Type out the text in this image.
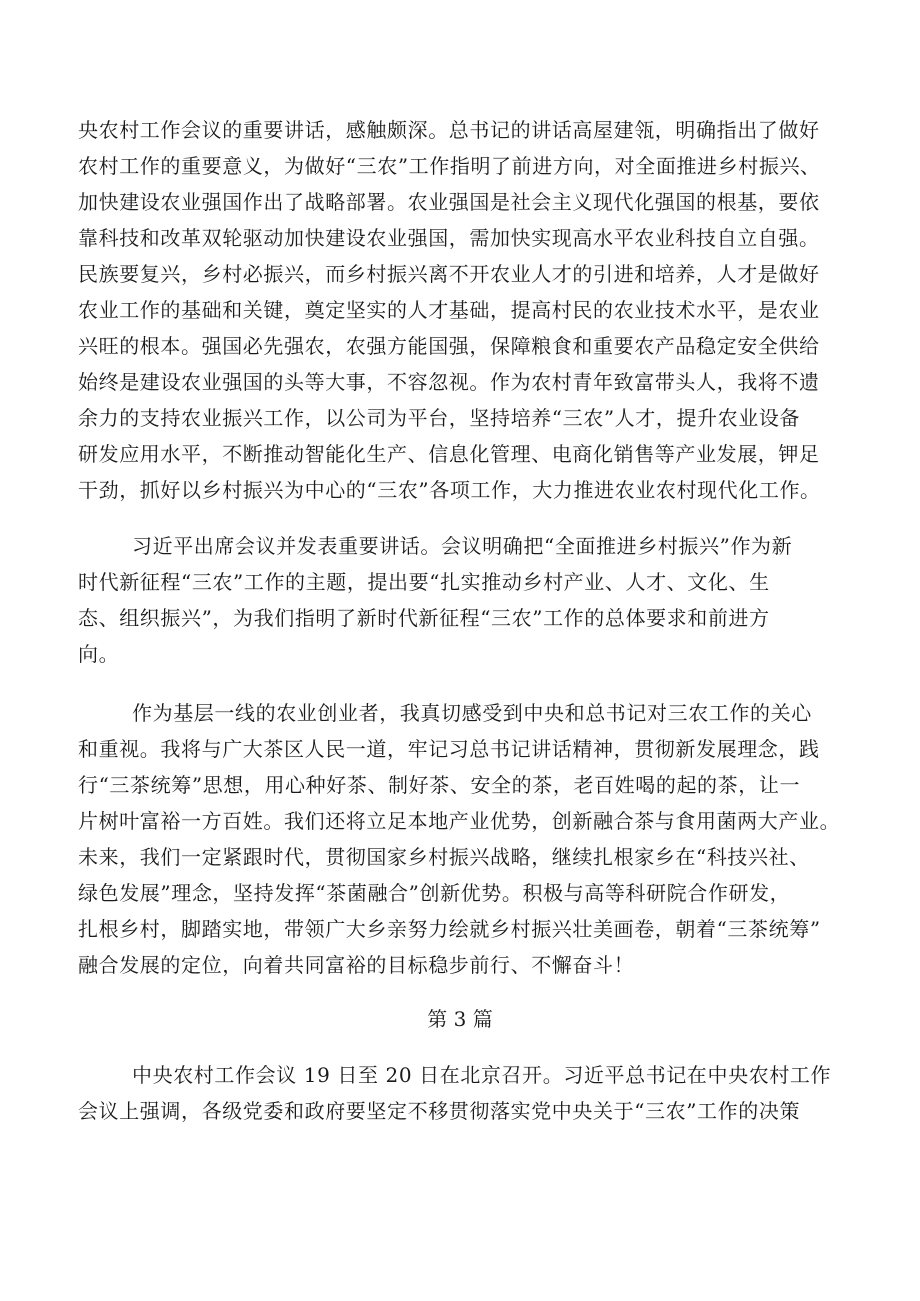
央农村工作会议的重要讲话，感触颇深。总书记的讲话高屋建瓴，明确指出了做好
农村工作的重要意义，为做好“三农”工作指明了前进方向，对全面推进乡村振兴、
加快建设农业强国作出了战略部署。农业强国是社会主义现代化强国的根基，要依
靠科技和改革双轮驱动加快建设农业强国，需加快实现高水平农业科技自立自强。
民族要复兴，乡村必振兴，而乡村振兴离不开农业人才的引进和培养，人才是做好
农业工作的基础和关键，奠定坚实的人才基础，提高村民的农业技术水平，是农业
兴旺的根本。强国必先强农，农强方能国强，保障粮食和重要农产品稳定安全供给
始终是建设农业强国的头等大事，不容忽视。作为农村青年致富带头人，我将不遗
余力的支持农业振兴工作，以公司为平台，坚持培养“三农”人才，提升农业设备
研发应用水平，不断推动智能化生产、信息化管理、电商化销售等产业发展，钾足
干劲，抓好以乡村振兴为中心的“三农”各项工作，大力推进农业农村现代化工作。
习近平出席会议并发表重要讲话。会议明确把“全面推进乡村振兴”作为新
时代新征程“三农”工作的主题，提出要“扎实推动乡村产业、人才、文化、生
态、组织振兴”，为我们指明了新时代新征程“三农”工作的总体要求和前进方
向。
作为基层一线的农业创业者，我真切感受到中央和总书记对三农工作的关心
和重视。我将与广大茶区人民一道，牢记习总书记讲话精神，贯彻新发展理念，践
行“三茶统筹”思想，用心种好茶、制好茶、安全的茶，老百姓喝的起的茶，让一
片树叶富裕一方百姓。我们还将立足本地产业优势，创新融合茶与食用菌两大产业。
未来，我们一定紧跟时代，贯彻国家乡村振兴战略，继续扎根家乡在“科技兴社、
绿色发展”理念，坚持发挥“茶菌融合”创新优势。积极与高等科研院合作研发，
扎根乡村，脚踏实地，带领广大乡亲努力绘就乡村振兴壮美画卷，朝着“三茶统筹”
融合发展的定位，向着共同富裕的目标稳步前行、不懈奋斗！
第 3 篇
中央农村工作会议 19 日至 20 日在北京召开。习近平总书记在中央农村工作
会议上强调，各级党委和政府要坚定不移贯彻落实党中央关于“三农”工作的决策
